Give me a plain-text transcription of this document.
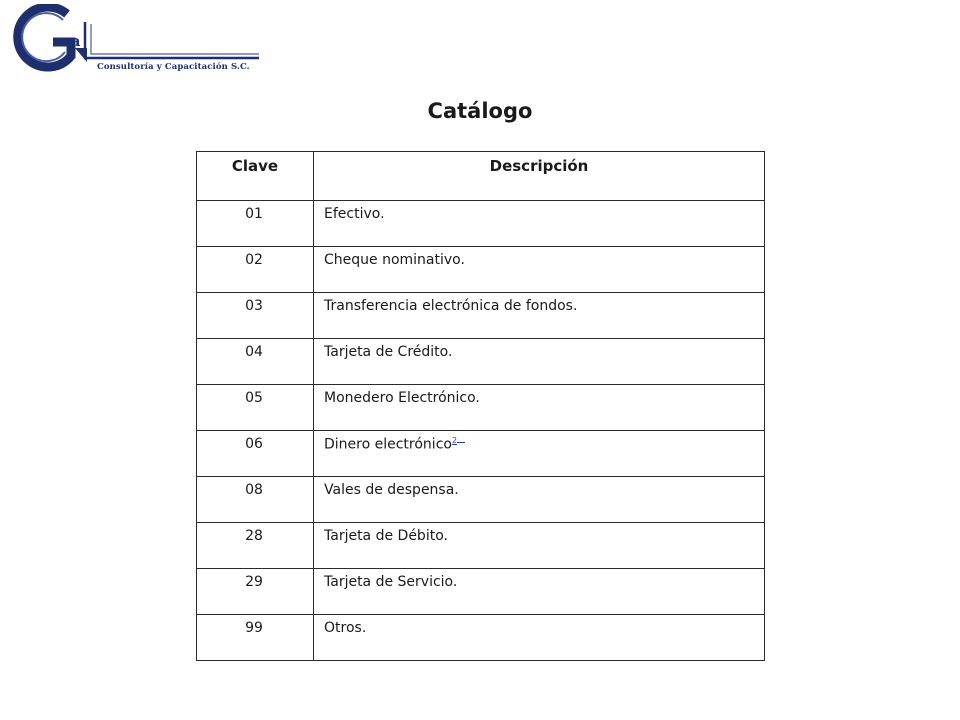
va
Consultoría y Capacitación S.C.
Catálogo
Clave	Descripción
01	Efectivo.
02	Cheque nominativo.
03	Transferencia electrónica de fondos.
04	Tarjeta de Crédito.
05	Monedero Electrónico.
06	Dinero electrónico$^2$
08	Vales de despensa.
28	Tarjeta de Débito.
29	Tarjeta de Servicio.
99	Otros.
